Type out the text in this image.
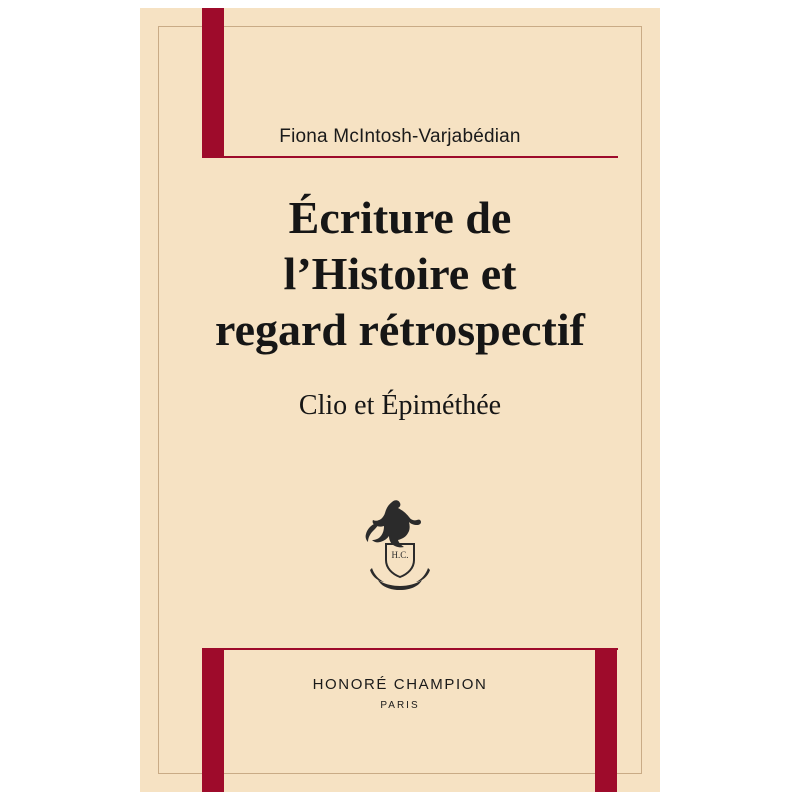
Fiona McIntosh-Varjabédian
Écriture de
l’Histoire et
regard rétrospectif
Clio et Épiméthée
H.C.
HONORÉ CHAMPION
PARIS
